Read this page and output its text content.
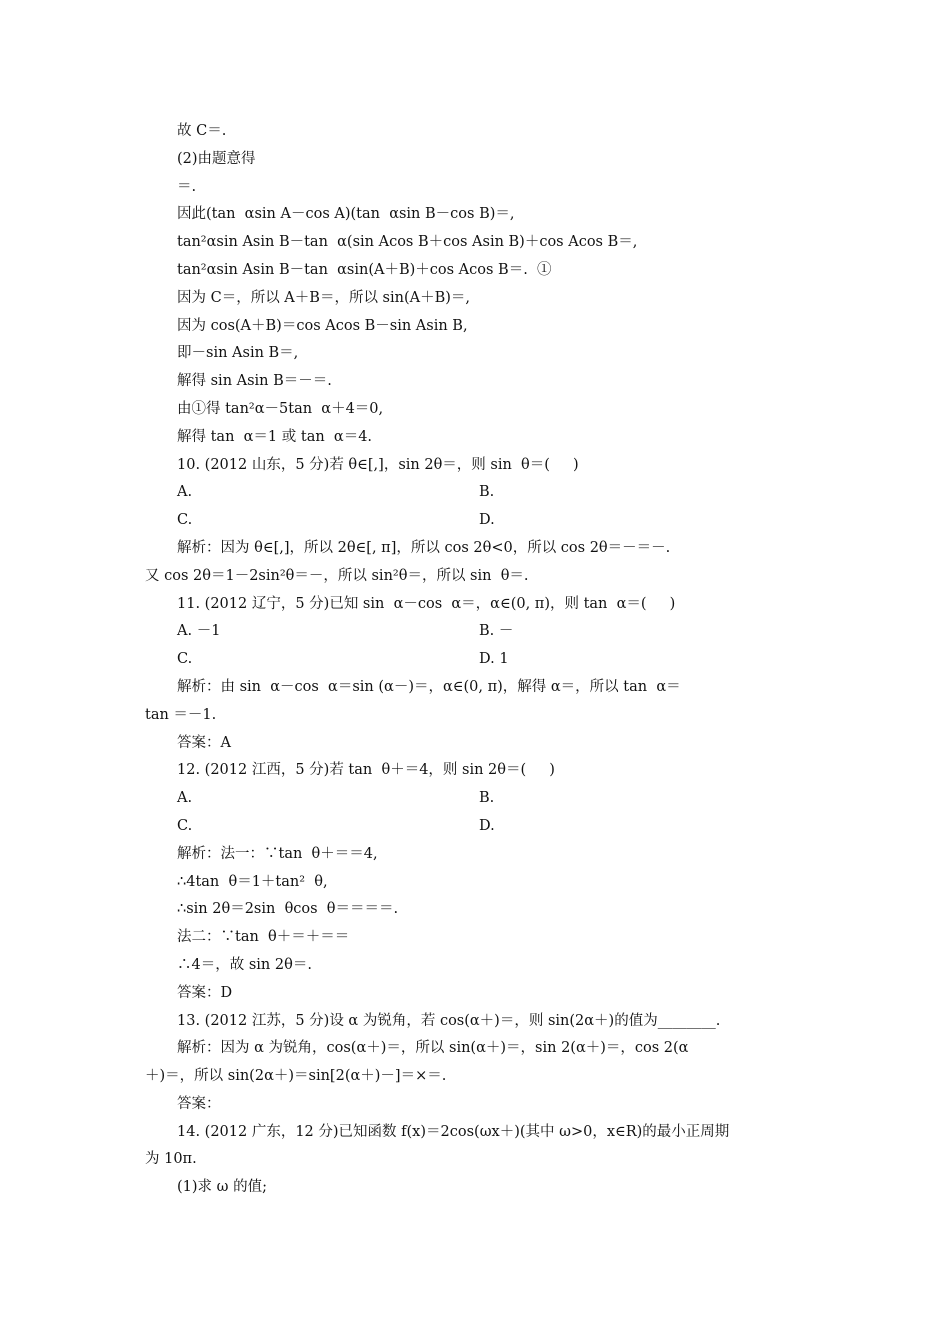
故 C＝.
(2)由题意得
＝.
因此(tan  αsin A－cos A)(tan  αsin B－cos B)＝,
tan²αsin Asin B－tan  α(sin Acos B＋cos Asin B)＋cos Acos B＝,
tan²αsin Asin B－tan  αsin(A＋B)＋cos Acos B＝.  ①
因为 C＝，所以 A＋B＝，所以 sin(A＋B)＝,
因为 cos(A＋B)＝cos Acos B－sin Asin B,
即－sin Asin B＝,
解得 sin Asin B＝－＝.
由①得 tan²α－5tan  α＋4＝0,
解得 tan  α＝1 或 tan  α＝4.
10. (2012 山东，5 分)若 θ∈[,]，sin 2θ＝，则 sin  θ＝(     )
A.	B.
C.	D.
解析：因为 θ∈[,]，所以 2θ∈[, π]，所以 cos 2θ<0，所以 cos 2θ＝－＝－.
又 cos 2θ＝1－2sin²θ＝－，所以 sin²θ＝，所以 sin  θ＝.
11. (2012 辽宁，5 分)已知 sin  α－cos  α＝，α∈(0, π)，则 tan  α＝(     )
A. －1	B. －
C.	D. 1
解析：由 sin  α－cos  α＝sin (α－)＝，α∈(0, π)，解得 α＝，所以 tan  α＝
tan ＝－1.
答案：A
12. (2012 江西，5 分)若 tan  θ＋＝4，则 sin 2θ＝(     )
A.	B.
C.	D.
解析：法一：∵tan  θ＋＝＝4,
∴4tan  θ＝1＋tan²  θ,
∴sin 2θ＝2sin  θcos  θ＝＝＝＝.
法二：∵tan  θ＋＝＋＝＝
∴4＝，故 sin 2θ＝.
答案：D
13. (2012 江苏，5 分)设 α 为锐角，若 cos(α＋)＝，则 sin(2α＋)的值为________.
解析：因为 α 为锐角，cos(α＋)＝，所以 sin(α＋)＝，sin 2(α＋)＝，cos 2(α
＋)＝，所以 sin(2α＋)＝sin[2(α＋)－]＝×＝.
答案：
14. (2012 广东，12 分)已知函数 f(x)＝2cos(ωx＋)(其中 ω>0，x∈R)的最小正周期
为 10π.
(1)求 ω 的值;
